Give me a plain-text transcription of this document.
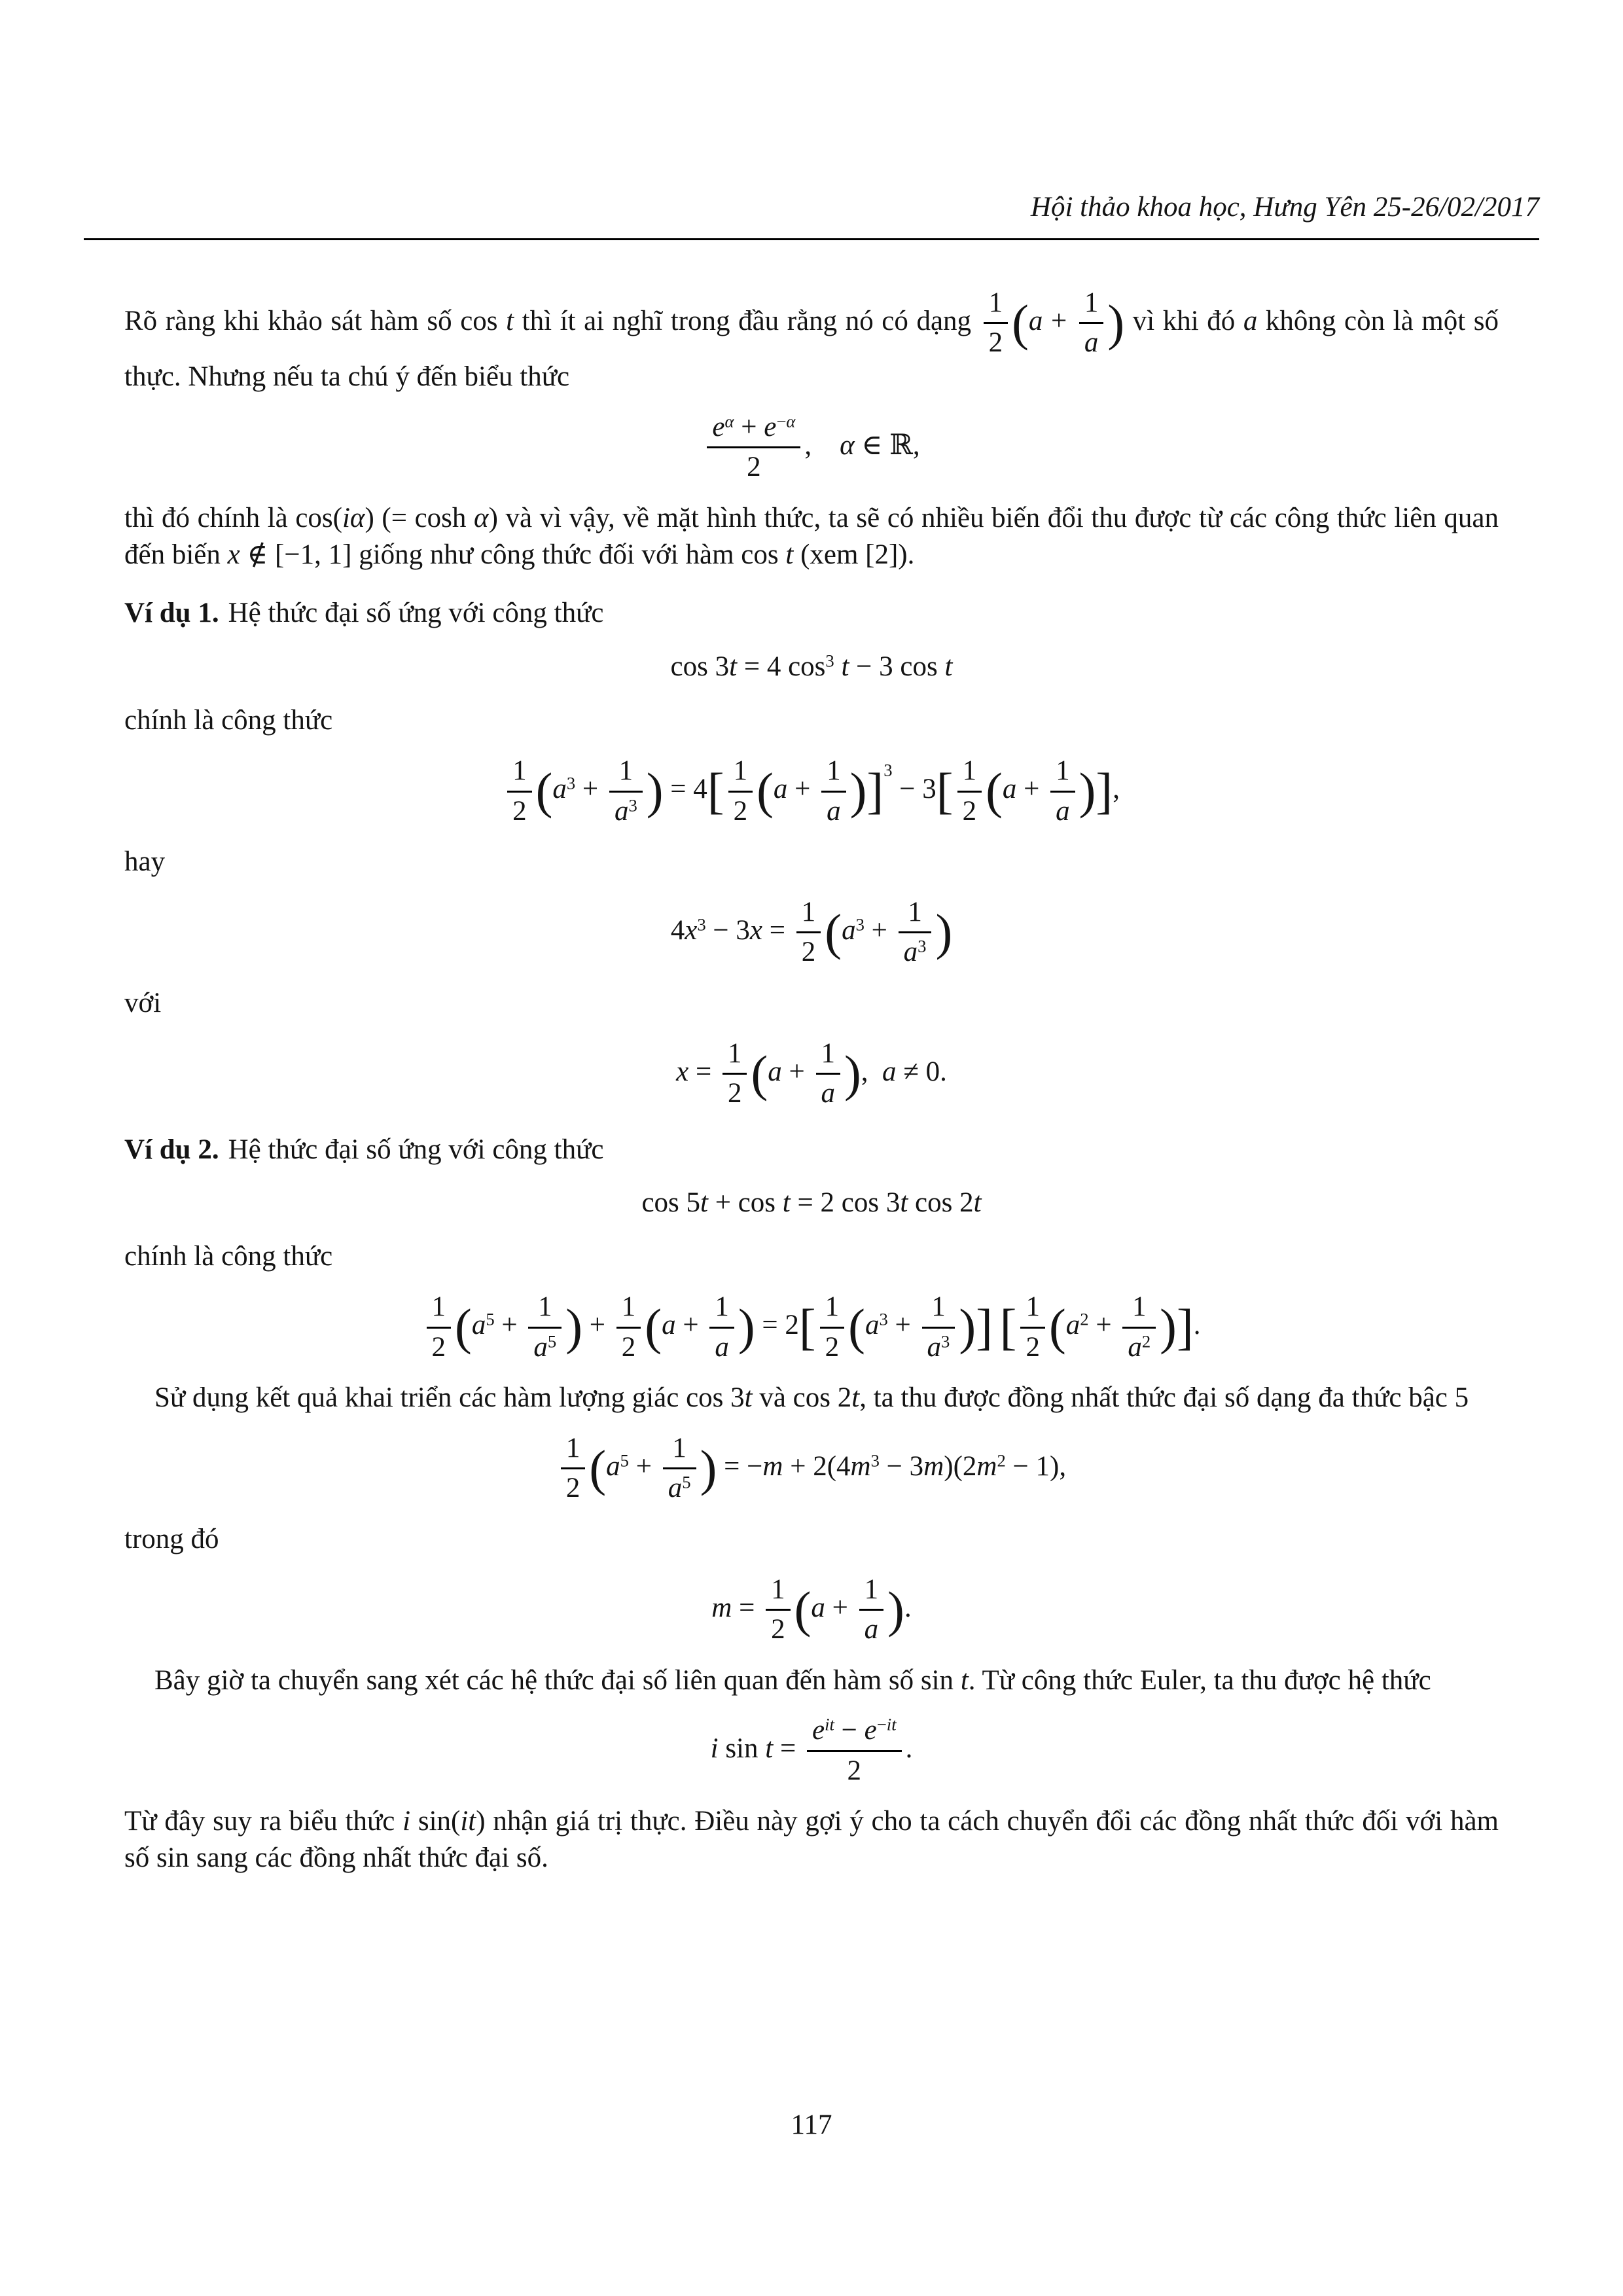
Hội thảo khoa học, Hưng Yên 25-26/02/2017

Rõ ràng khi khảo sát hàm số cos t thì ít ai nghĩ trong đầu rằng nó có dạng $\frac{1}{2} (a + \frac{1}{a}$ ) vì khi đó a không còn là một số thực. Nhưng nếu ta chú ý đến biểu thức

$\frac{e^\alpha + e^{-\alpha}}{2}$ ,  α ∈ ℝ,

thì đó chính là cos(iα) (= cosh α) và vì vậy, về mặt hình thức, ta sẽ có nhiều biến đổi thu được từ các công thức liên quan đến biến x ∉ [−1, 1] giống như công thức đối với hàm cos t (xem [2]).

Ví dụ 1. Hệ thức đại số ứng với công thức

cos 3t = 4 $\cos^3 t - 3$ cos t

chính là công thức

$\frac{1}{2} (a^3 + \frac{1}{a^3}$ ) = $4[ \frac{1}{2} (a + \frac{1}{a} )]^3 - 3[ \frac{1}{2} (a + \frac{1}{a}$ )],

hay

$4x^3 - 3x = \frac{1}{2} (a^3 + \frac{1}{a^3}$ )

với

$x = \frac{1}{2} (a + \frac{1}{a}$ ), a ≠ 0.

Ví dụ 2. Hệ thức đại số ứng với công thức

cos 5t + cos t = 2 cos 3t cos 2t

chính là công thức

$\frac{1}{2} (a^5 + \frac{1}{a^5}$ ) + $\frac{1}{2} (a + \frac{1}{a}$ ) = $2[ \frac{1}{2} (a^3 + \frac{1}{a^3}$ )] [ $\frac{1}{2} (a^2 + \frac{1}{a^2}$ )].

Sử dụng kết quả khai triển các hàm lượng giác cos 3t và cos 2t, ta thu được đồng nhất thức đại số dạng đa thức bậc 5

$\frac{1}{2} (a^5 + \frac{1}{a^5}$ ) = $-m + 2(4m^3 - 3m)(2m^2 - 1)$,

trong đó

$m = \frac{1}{2} (a + \frac{1}{a}$ ).

Bây giờ ta chuyển sang xét các hệ thức đại số liên quan đến hàm số sin t. Từ công thức Euler, ta thu được hệ thức

i $\sin t = \frac{e^{it} - e^{-it}}{2}$ .

Từ đây suy ra biểu thức i sin(it) nhận giá trị thực. Điều này gợi ý cho ta cách chuyển đổi các đồng nhất thức đối với hàm số sin sang các đồng nhất thức đại số.

117
